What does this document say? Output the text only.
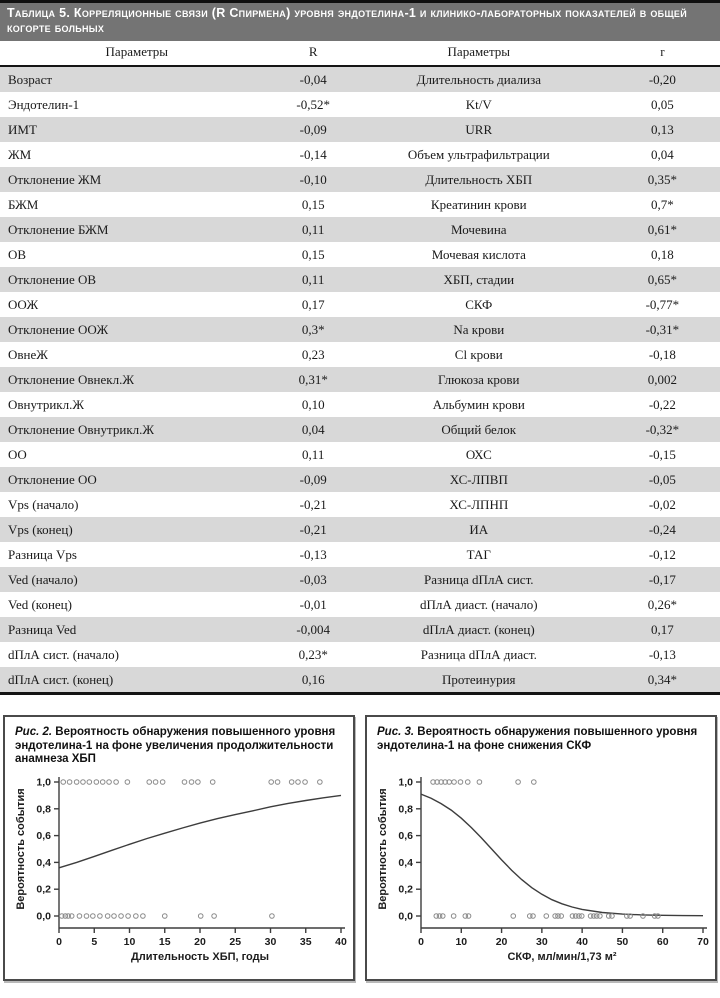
Таблица 5. Корреляционные связи (R Спирмена) уровня эндотелина-1 и клинико-лабораторных показателей в общей когорте больных
Параметры	R	Параметры	r
Возраст	-0,04	Длительность диализа	-0,20
Эндотелин-1	-0,52*	Kt/V	0,05
ИМТ	-0,09	URR	0,13
ЖМ	-0,14	Объем ультрафильтрации	0,04
Отклонение ЖМ	-0,10	Длительность ХБП	0,35*
БЖМ	0,15	Креатинин крови	0,7*
Отклонение БЖМ	0,11	Мочевина	0,61*
ОВ	0,15	Мочевая кислота	0,18
Отклонение ОВ	0,11	ХБП, стадии	0,65*
ООЖ	0,17	СКФ	-0,77*
Отклонение ООЖ	0,3*	Na крови	-0,31*
ОвнеЖ	0,23	Cl крови	-0,18
Отклонение Овнекл.Ж	0,31*	Глюкоза крови	0,002
Овнутрикл.Ж	0,10	Альбумин крови	-0,22
Отклонение Овнутрикл.Ж	0,04	Общий белок	-0,32*
ОО	0,11	ОХС	-0,15
Отклонение ОО	-0,09	ХС-ЛПВП	-0,05
Vps (начало)	-0,21	ХС-ЛПНП	-0,02
Vps (конец)	-0,21	ИА	-0,24
Разница Vps	-0,13	ТАГ	-0,12
Ved (начало)	-0,03	Разница dПлА сист.	-0,17
Ved (конец)	-0,01	dПлА диаст. (начало)	0,26*
Разница Ved	-0,004	dПлА диаст. (конец)	0,17
dПлА сист. (начало)	0,23*	Разница dПлА диаст.	-0,13
dПлА сист. (конец)	0,16	Протеинурия	0,34*
Рис. 2. Вероятность обнаружения повышенного уровня эндотелина-1 на фоне увеличения продолжительности анамнеза ХБП
0,0
0,2
0,4
0,6
0,8
1,0
0	5	10 15 20 25 30 35 40
Длительность ХБП, годы
Вероятность события
Рис. 3. Вероятность обнаружения повышенного уровня эндотелина-1 на фоне снижения СКФ
0,0
0,2
0,4
0,6
0,8
1,0
0	10	20	30	40	50	60	70
СКФ, мл/мин/1,73 м²
Вероятность события
